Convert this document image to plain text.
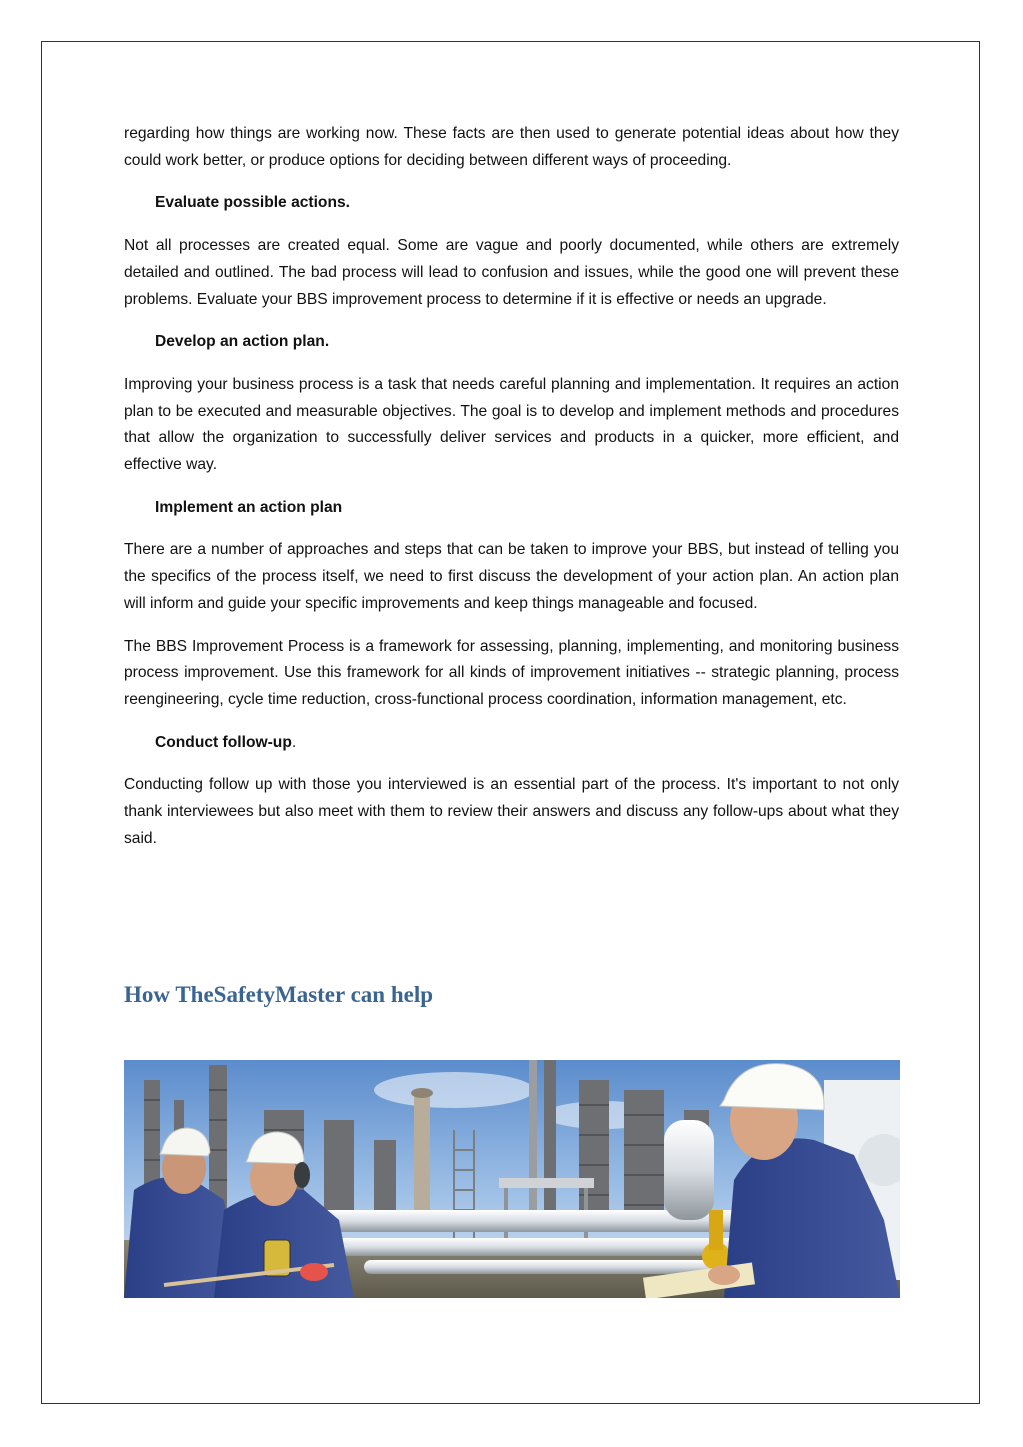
regarding how things are working now. These facts are then used to generate potential ideas about how they could work better, or produce options for deciding between different ways of proceeding.

Evaluate possible actions.

Not all processes are created equal. Some are vague and poorly documented, while others are extremely detailed and outlined. The bad process will lead to confusion and issues, while the good one will prevent these problems. Evaluate your BBS improvement process to determine if it is effective or needs an upgrade.

Develop an action plan.

Improving your business process is a task that needs careful planning and implementation. It requires an action plan to be executed and measurable objectives. The goal is to develop and implement methods and procedures that allow the organization to successfully deliver services and products in a quicker, more efficient, and effective way.

Implement an action plan

There are a number of approaches and steps that can be taken to improve your BBS, but instead of telling you the specifics of the process itself, we need to first discuss the development of your action plan. An action plan will inform and guide your specific improvements and keep things manageable and focused.

The BBS Improvement Process is a framework for assessing, planning, implementing, and monitoring business process improvement. Use this framework for all kinds of improvement initiatives -- strategic planning, process reengineering, cycle time reduction, cross-functional process coordination, information management, etc.

Conduct follow-up.

Conducting follow up with those you interviewed is an essential part of the process. It's important to not only thank interviewees but also meet with them to review their answers and discuss any follow-ups about what they said.

How TheSafetyMaster can help
